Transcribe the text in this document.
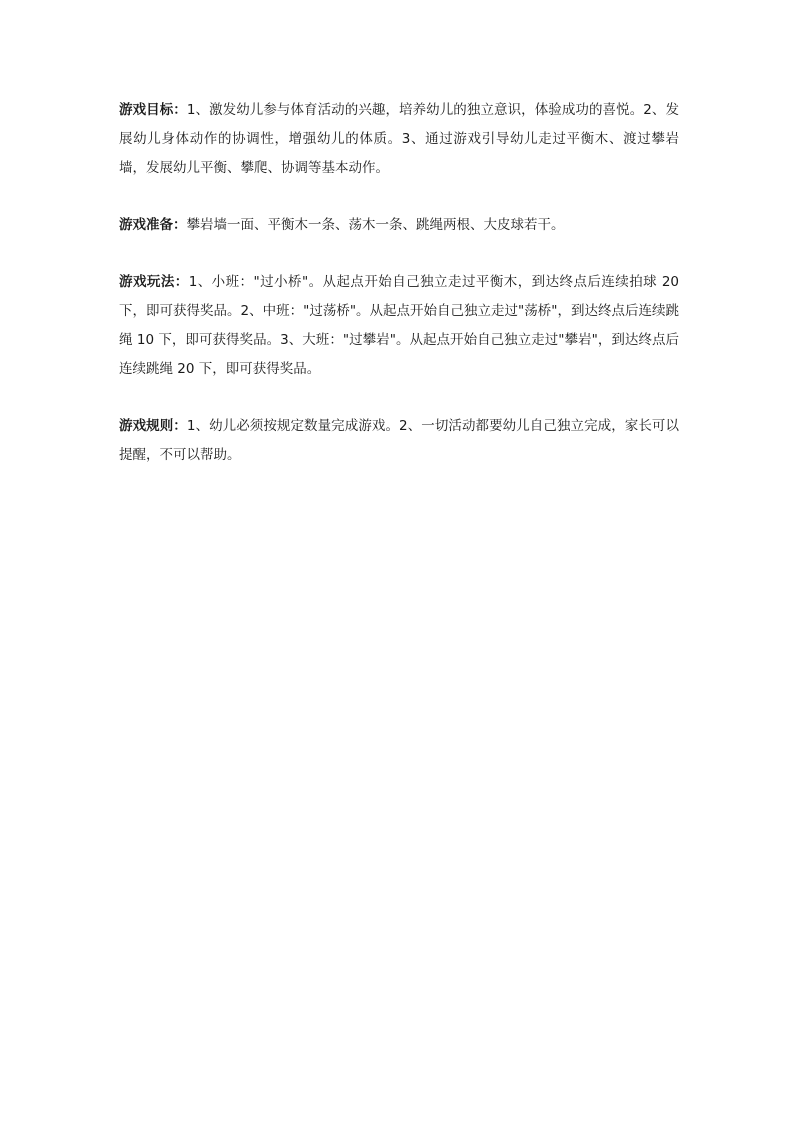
游戏目标：1、激发幼儿参与体育活动的兴趣，培养幼儿的独立意识，体验成功的喜悦。2、发展幼儿身体动作的协调性，增强幼儿的体质。3、通过游戏引导幼儿走过平衡木、渡过攀岩墙，发展幼儿平衡、攀爬、协调等基本动作。

游戏准备：攀岩墙一面、平衡木一条、荡木一条、跳绳两根、大皮球若干。

游戏玩法：1、小班："过小桥"。从起点开始自己独立走过平衡木，到达终点后连续拍球 20 下，即可获得奖品。2、中班："过荡桥"。从起点开始自己独立走过"荡桥"，到达终点后连续跳绳 10 下，即可获得奖品。3、大班："过攀岩"。从起点开始自己独立走过"攀岩"，到达终点后连续跳绳 20 下，即可获得奖品。

游戏规则：1、幼儿必须按规定数量完成游戏。2、一切活动都要幼儿自己独立完成，家长可以提醒，不可以帮助。
